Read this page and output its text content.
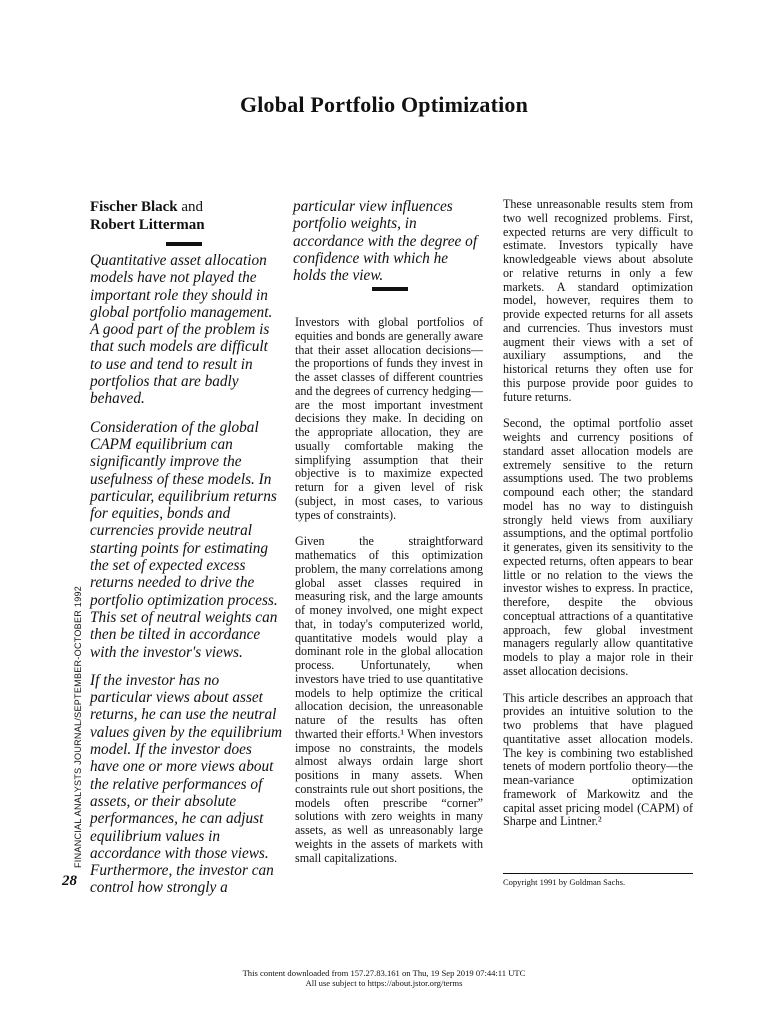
Global Portfolio Optimization
Fischer Black and
Robert Litterman

Quantitative asset allocation models have not played the important role they should in global portfolio management. A good part of the problem is that such models are difficult to use and tend to result in portfolios that are badly behaved.

Consideration of the global CAPM equilibrium can significantly improve the usefulness of these models. In particular, equilibrium returns for equities, bonds and currencies provide neutral starting points for estimating the set of expected excess returns needed to drive the portfolio optimization process. This set of neutral weights can then be tilted in accordance with the investor's views.

If the investor has no particular views about asset returns, he can use the neutral values given by the equilibrium model. If the investor does have one or more views about the relative performances of assets, or their absolute performances, he can adjust equilibrium values in accordance with those views. Furthermore, the investor can control how strongly a

particular view influences portfolio weights, in accordance with the degree of confidence with which he holds the view.

Investors with global portfolios of equities and bonds are generally aware that their asset allocation decisions—the proportions of funds they invest in the asset classes of different countries and the degrees of currency hedging—are the most important investment decisions they make. In deciding on the appropriate allocation, they are usually comfortable making the simplifying assumption that their objective is to maximize expected return for a given level of risk (subject, in most cases, to various types of constraints).

Given the straightforward mathematics of this optimization problem, the many correlations among global asset classes required in measuring risk, and the large amounts of money involved, one might expect that, in today's computerized world, quantitative models would play a dominant role in the global allocation process. Unfortunately, when investors have tried to use quantitative models to help optimize the critical allocation decision, the unreasonable nature of the results has often thwarted their efforts.¹ When investors impose no constraints, the models almost always ordain large short positions in many assets. When constraints rule out short positions, the models often prescribe “corner” solutions with zero weights in many assets, as well as unreasonably large weights in the assets of markets with small capitalizations.

These unreasonable results stem from two well recognized problems. First, expected returns are very difficult to estimate. Investors typically have knowledgeable views about absolute or relative returns in only a few markets. A standard optimization model, however, requires them to provide expected returns for all assets and currencies. Thus investors must augment their views with a set of auxiliary assumptions, and the historical returns they often use for this purpose provide poor guides to future returns.

Second, the optimal portfolio asset weights and currency positions of standard asset allocation models are extremely sensitive to the return assumptions used. The two problems compound each other; the standard model has no way to distinguish strongly held views from auxiliary assumptions, and the optimal portfolio it generates, given its sensitivity to the expected returns, often appears to bear little or no relation to the views the investor wishes to express. In practice, therefore, despite the obvious conceptual attractions of a quantitative approach, few global investment managers regularly allow quantitative models to play a major role in their asset allocation decisions.

This article describes an approach that provides an intuitive solution to the two problems that have plagued quantitative asset allocation models. The key is combining two established tenets of modern portfolio theory—the mean-variance optimization framework of Markowitz and the capital asset pricing model (CAPM) of Sharpe and Lintner.²

Copyright 1991 by Goldman Sachs.
FINANCIAL ANALYSTS JOURNAL/SEPTEMBER-OCTOBER 1992
28
This content downloaded from 157.27.83.161 on Thu, 19 Sep 2019 07:44:11 UTC
All use subject to https://about.jstor.org/terms
